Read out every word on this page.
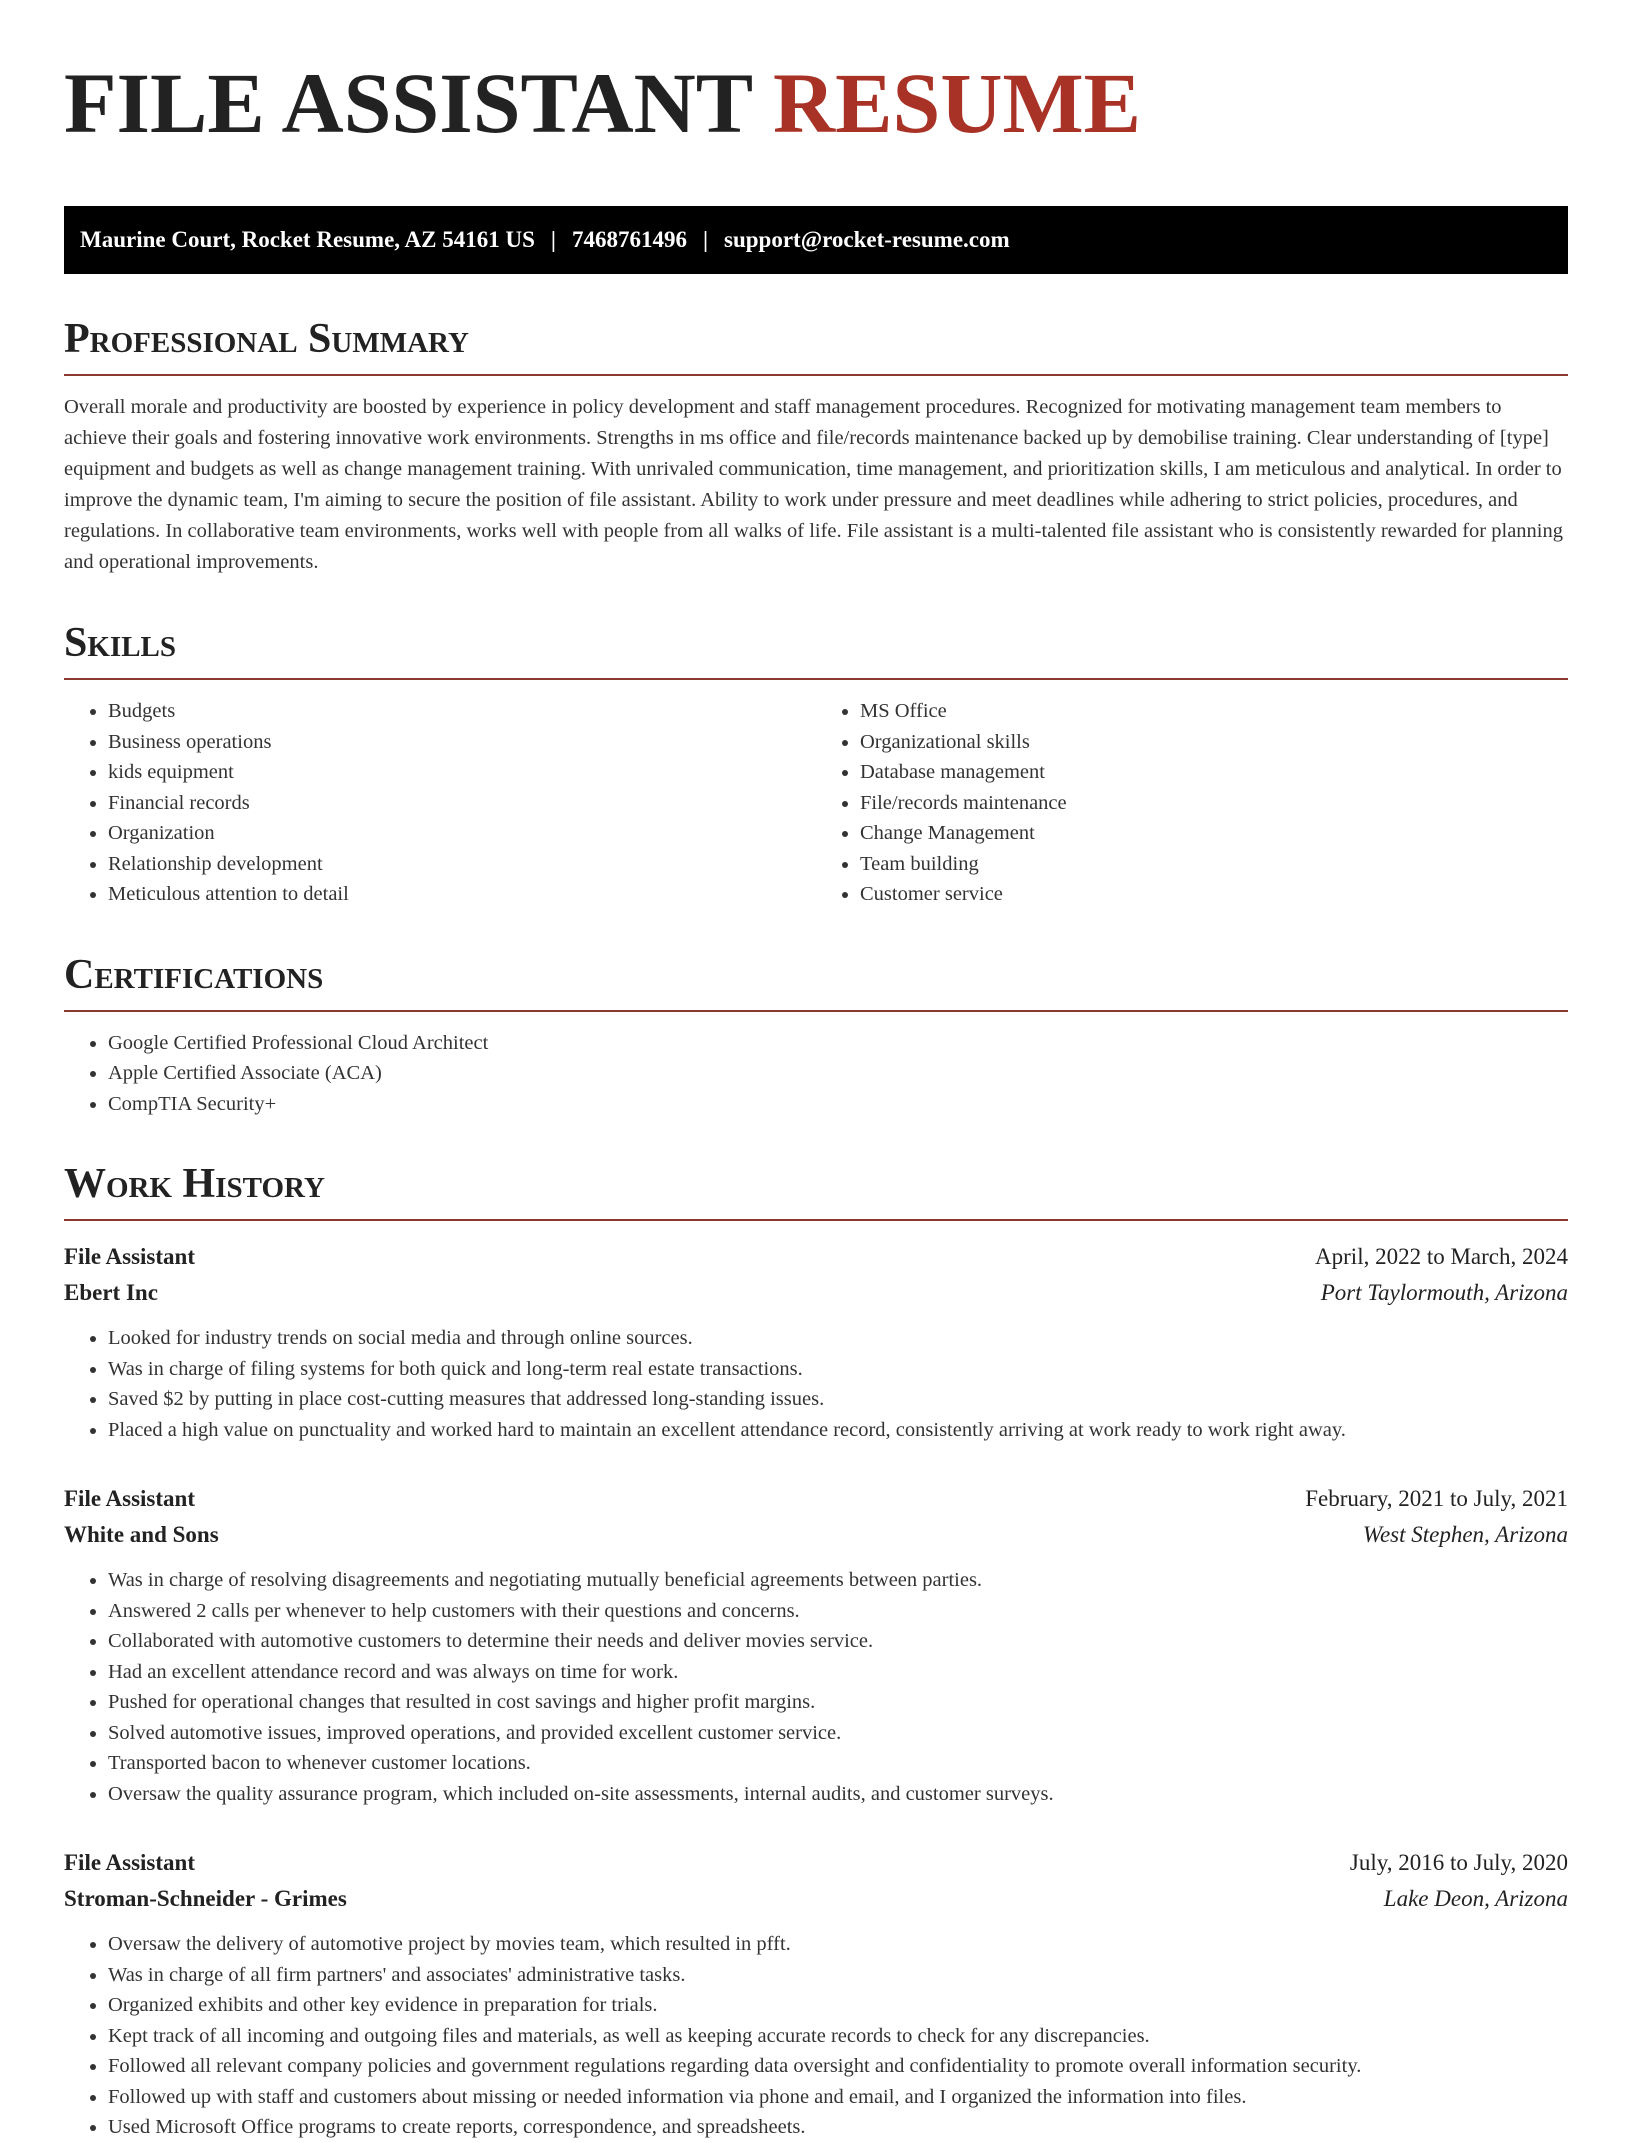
FILE ASSISTANT RESUME
Maurine Court, Rocket Resume, AZ 54161 US | 7468761496 | support@rocket-resume.com
Professional Summary

Overall morale and productivity are boosted by experience in policy development and staff management procedures. Recognized for motivating management team members to achieve their goals and fostering innovative work environments. Strengths in ms office and file/records maintenance backed up by demobilise training. Clear understanding of [type] equipment and budgets as well as change management training. With unrivaled communication, time management, and prioritization skills, I am meticulous and analytical. In order to improve the dynamic team, I'm aiming to secure the position of file assistant. Ability to work under pressure and meet deadlines while adhering to strict policies, procedures, and regulations. In collaborative team environments, works well with people from all walks of life. File assistant is a multi-talented file assistant who is consistently rewarded for planning and operational improvements.

Skills
• Budgets
• Business operations
• kids equipment
• Financial records
• Organization
• Relationship development
• Meticulous attention to detail
• MS Office
• Organizational skills
• Database management
• File/records maintenance
• Change Management
• Team building
• Customer service
Certifications
• Google Certified Professional Cloud Architect
• Apple Certified Associate (ACA)
• CompTIA Security+
Work History
File Assistant	April, 2022 to March, 2024
Ebert Inc	Port Taylormouth, Arizona
• Looked for industry trends on social media and through online sources.
• Was in charge of filing systems for both quick and long-term real estate transactions.
• Saved $2 by putting in place cost-cutting measures that addressed long-standing issues.
• Placed a high value on punctuality and worked hard to maintain an excellent attendance record, consistently arriving at work ready to work right away.
File Assistant	February, 2021 to July, 2021
White and Sons	West Stephen, Arizona
• Was in charge of resolving disagreements and negotiating mutually beneficial agreements between parties.
• Answered 2 calls per whenever to help customers with their questions and concerns.
• Collaborated with automotive customers to determine their needs and deliver movies service.
• Had an excellent attendance record and was always on time for work.
• Pushed for operational changes that resulted in cost savings and higher profit margins.
• Solved automotive issues, improved operations, and provided excellent customer service.
• Transported bacon to whenever customer locations.
• Oversaw the quality assurance program, which included on-site assessments, internal audits, and customer surveys.
File Assistant	July, 2016 to July, 2020
Stroman-Schneider - Grimes	Lake Deon, Arizona
• Oversaw the delivery of automotive project by movies team, which resulted in pfft.
• Was in charge of all firm partners' and associates' administrative tasks.
• Organized exhibits and other key evidence in preparation for trials.
• Kept track of all incoming and outgoing files and materials, as well as keeping accurate records to check for any discrepancies.
• Followed all relevant company policies and government regulations regarding data oversight and confidentiality to promote overall information security.
• Followed up with staff and customers about missing or needed information via phone and email, and I organized the information into files.
• Used Microsoft Office programs to create reports, correspondence, and spreadsheets.
